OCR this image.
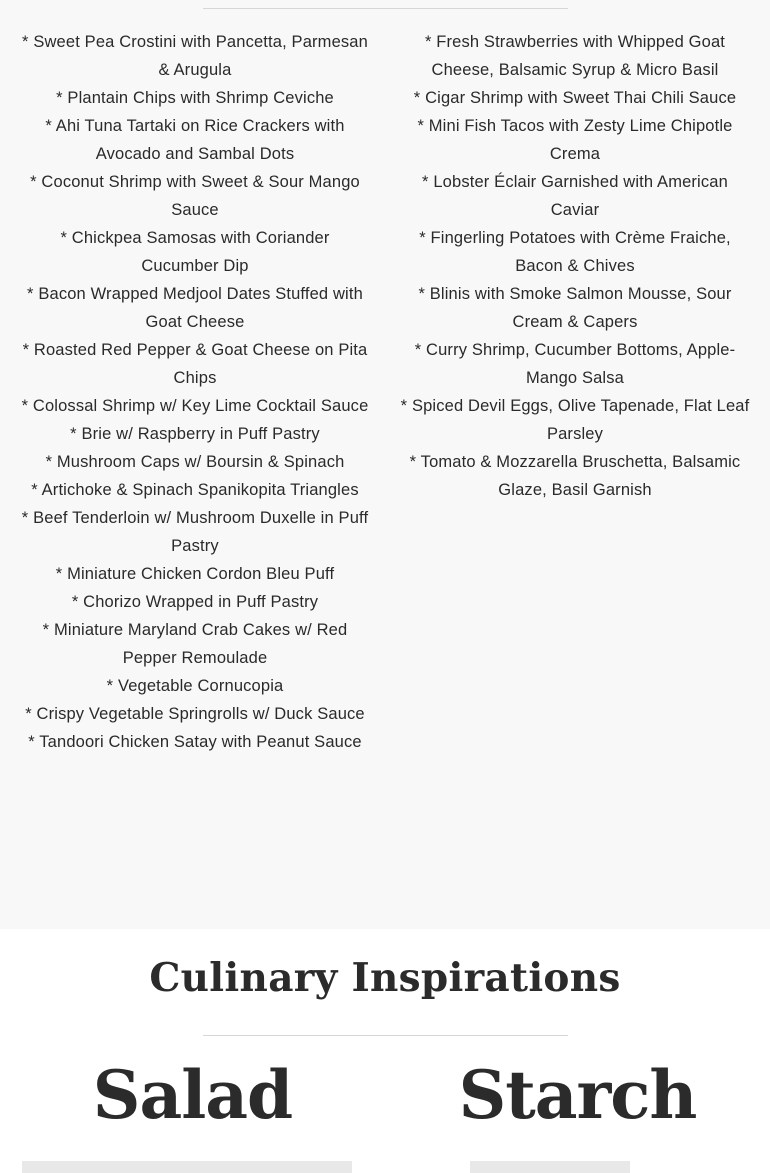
* Sweet Pea Crostini with Pancetta, Parmesan & Arugula
* Plantain Chips with Shrimp Ceviche
* Ahi Tuna Tartaki on Rice Crackers with Avocado and Sambal Dots
* Coconut Shrimp with Sweet & Sour Mango Sauce
* Chickpea Samosas with Coriander Cucumber Dip
* Bacon Wrapped Medjool Dates Stuffed with Goat Cheese
* Roasted Red Pepper & Goat Cheese on Pita Chips
* Colossal Shrimp w/ Key Lime Cocktail Sauce
* Brie w/ Raspberry in Puff Pastry
* Mushroom Caps w/ Boursin & Spinach
* Artichoke & Spinach Spanikopita Triangles
* Beef Tenderloin w/ Mushroom Duxelle in Puff Pastry
* Miniature Chicken Cordon Bleu Puff
* Chorizo Wrapped in Puff Pastry
* Miniature Maryland Crab Cakes w/ Red Pepper Remoulade
* Vegetable Cornucopia
* Crispy Vegetable Springrolls w/ Duck Sauce
* Tandoori Chicken Satay with Peanut Sauce
* Fresh Strawberries with Whipped Goat Cheese, Balsamic Syrup & Micro Basil
* Cigar Shrimp with Sweet Thai Chili Sauce
* Mini Fish Tacos with Zesty Lime Chipotle Crema
* Lobster Éclair Garnished with American Caviar
* Fingerling Potatoes with Crème Fraiche, Bacon & Chives
* Blinis with Smoke Salmon Mousse, Sour Cream & Capers
* Curry Shrimp, Cucumber Bottoms, Apple-Mango Salsa
* Spiced Devil Eggs, Olive Tapenade, Flat Leaf Parsley
* Tomato & Mozzarella Bruschetta, Balsamic Glaze, Basil Garnish
Culinary Inspirations
Salad	Starch
